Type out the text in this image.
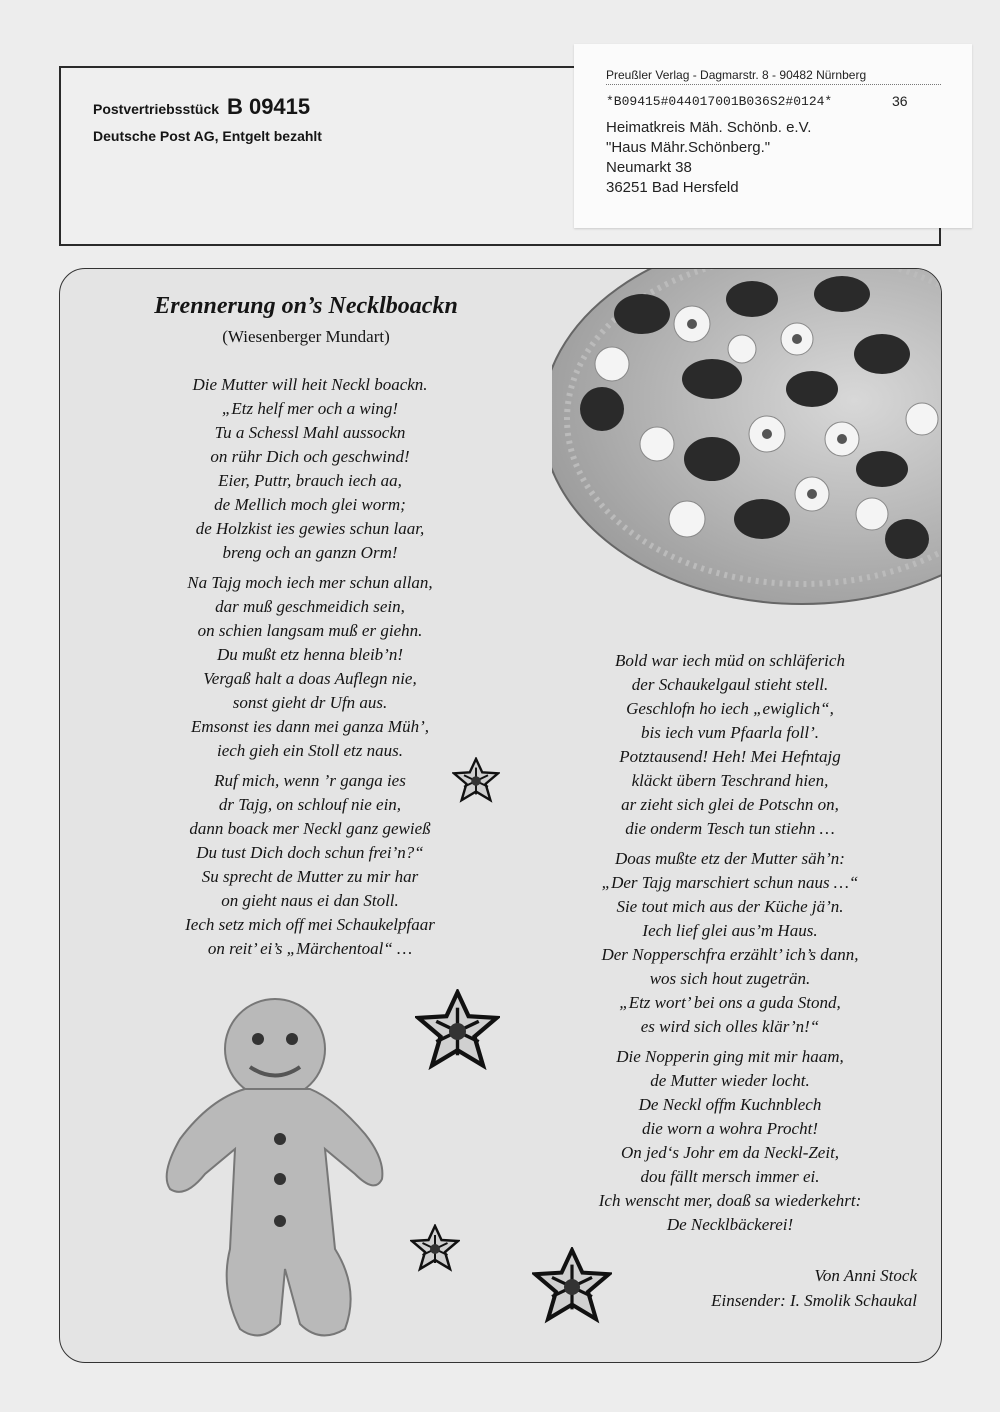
Postvertriebsstück B 09415
Deutsche Post AG, Entgelt bezahlt
Preußler Verlag - Dagmarstr. 8 - 90482 Nürnberg
*B09415#044017001B036S2#0124*	36
Heimatkreis Mäh. Schönb. e.V.
"Haus Mähr.Schönberg."
Neumarkt 38
36251 Bad Hersfeld
Erennerung on’s Necklboackn
(Wiesenberger Mundart)
Die Mutter will heit Neckl boackn.
„Etz helf mer och a wing!
Tu a Schessl Mahl aussockn
on rühr Dich och geschwind!
Eier, Puttr, brauch iech aa,
de Mellich moch glei worm;
de Holzkist ies gewies schun laar,
breng och an ganzn Orm!
Na Tajg moch iech mer schun allan,
dar muß geschmeidich sein,
on schien langsam muß er giehn.
Du mußt etz henna bleib’n!
Vergaß halt a doas Auflegn nie,
sonst gieht dr Ufn aus.
Emsonst ies dann mei ganza Müh’,
iech gieh ein Stoll etz naus.
Ruf mich, wenn ’r ganga ies
dr Tajg, on schlouf nie ein,
dann boack mer Neckl ganz gewieß
Du tust Dich doch schun frei’n?“
Su sprecht de Mutter zu mir har
on gieht naus ei dan Stoll.
Iech setz mich off mei Schaukelpfaar
on reit’ ei’s „Märchentoal“ …
Bold war iech müd on schläferich
der Schaukelgaul stieht stell.
Geschlofn ho iech „ewiglich“,
bis iech vum Pfaarla foll’.
Potztausend! Heh! Mei Hefntajg
kläckt übern Teschrand hien,
ar zieht sich glei de Potschn on,
die onderm Tesch tun stiehn …
Doas mußte etz der Mutter säh’n:
„Der Tajg marschiert schun naus …“
Sie tout mich aus der Küche jä’n.
Iech lief glei aus’m Haus.
Der Nopperschfra erzählt’ ich’s dann,
wos sich hout zugeträn.
„Etz wort’ bei ons a guda Stond,
es wird sich olles klär’n!“
Die Nopperin ging mit mir haam,
de Mutter wieder locht.
De Neckl offm Kuchnblech
die worn a wohra Procht!
On jed‘s Johr em da Neckl-Zeit,
dou fällt mersch immer ei.
Ich wenscht mer, doaß sa wiederkehrt:
De Necklbäckerei!
Von Anni Stock
Einsender: I. Smolik Schaukal
